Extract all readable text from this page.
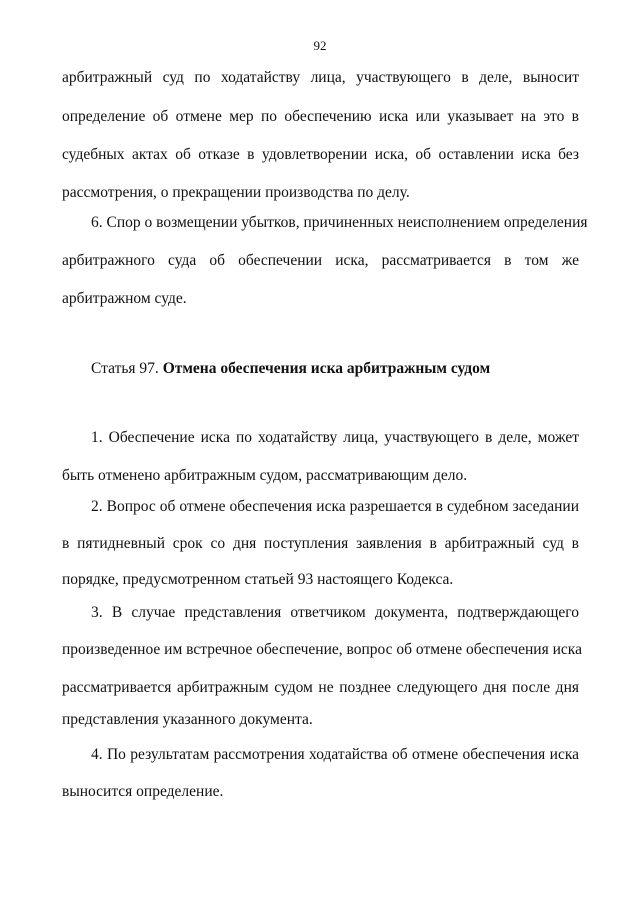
92
арбитражный суд по ходатайству лица, участвующего в деле, выносит
определение об отмене мер по обеспечению иска или указывает на это в
судебных актах об отказе в удовлетворении иска, об оставлении иска без
рассмотрения, о прекращении производства по делу.
6. Спор о возмещении убытков, причиненных неисполнением определения
арбитражного суда об обеспечении иска, рассматривается в том же
арбитражном суде.
Статья 97. Отмена обеспечения иска арбитражным судом
1. Обеспечение иска по ходатайству лица, участвующего в деле, может
быть отменено арбитражным судом, рассматривающим дело.
2. Вопрос об отмене обеспечения иска разрешается в судебном заседании
в пятидневный срок со дня поступления заявления в арбитражный суд в
порядке, предусмотренном статьей 93 настоящего Кодекса.
3. В случае представления ответчиком документа, подтверждающего
произведенное им встречное обеспечение, вопрос об отмене обеспечения иска
рассматривается арбитражным судом не позднее следующего дня после дня
представления указанного документа.
4. По результатам рассмотрения ходатайства об отмене обеспечения иска
выносится определение.
